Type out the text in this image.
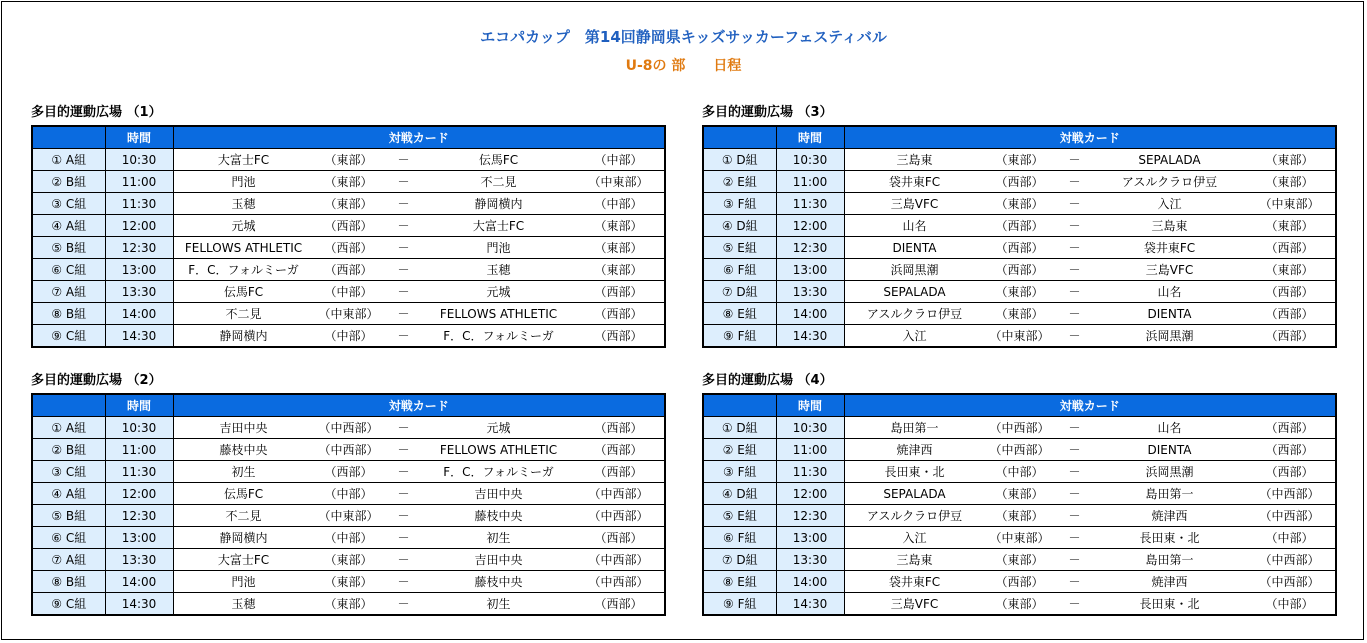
エコパカップ　第14回静岡県キッズサッカーフェスティバル
U-8の 部　　日程
多目的運動広場 （1）
	時間	対戦カード
① A組	10:30	大富士FC （東部） － 伝馬FC （中部）

② B組	11:00	門池 （東部） － 不二見 （中東部）

③ C組	11:30	玉穂 （東部） － 静岡横内 （中部）

④ A組	12:00	元城 （西部） － 大富士FC （東部）

⑤ B組	12:30	FELLOWS ATHLETIC （西部） － 門池 （東部）

⑥ C組	13:00	F．C．フォルミーガ （西部） － 玉穂 （東部）

⑦ A組	13:30	伝馬FC （中部） － 元城 （西部）

⑧ B組	14:00	不二見 （中東部） － FELLOWS ATHLETIC （西部）

⑨ C組	14:30	静岡横内 （中部） － F．C．フォルミーガ （西部）
多目的運動広場 （3）
	時間	対戦カード
① D組	10:30	三島東 （東部） － SEPALADA （東部）

② E組	11:00	袋井東FC （西部） － アスルクラロ伊豆 （東部）

③ F組	11:30	三島VFC （東部） － 入江 （中東部）

④ D組	12:00	山名 （西部） － 三島東 （東部）

⑤ E組	12:30	DIENTA （西部） － 袋井東FC （西部）

⑥ F組	13:00	浜岡黒潮 （西部） － 三島VFC （東部）

⑦ D組	13:30	SEPALADA （東部） － 山名 （西部）

⑧ E組	14:00	アスルクラロ伊豆 （東部） － DIENTA （西部）

⑨ F組	14:30	入江 （中東部） － 浜岡黒潮 （西部）
多目的運動広場 （2）
	時間	対戦カード
① A組	10:30	吉田中央 （中西部） － 元城 （西部）

② B組	11:00	藤枝中央 （中西部） － FELLOWS ATHLETIC （西部）

③ C組	11:30	初生 （西部） － F．C．フォルミーガ （西部）

④ A組	12:00	伝馬FC （中部） － 吉田中央 （中西部）

⑤ B組	12:30	不二見 （中東部） － 藤枝中央 （中西部）

⑥ C組	13:00	静岡横内 （中部） － 初生 （西部）

⑦ A組	13:30	大富士FC （東部） － 吉田中央 （中西部）

⑧ B組	14:00	門池 （東部） － 藤枝中央 （中西部）

⑨ C組	14:30	玉穂 （東部） － 初生 （西部）
多目的運動広場 （4）
	時間	対戦カード
① D組	10:30	島田第一 （中西部） － 山名 （西部）

② E組	11:00	焼津西 （中西部） － DIENTA （西部）

③ F組	11:30	長田東・北 （中部） － 浜岡黒潮 （西部）

④ D組	12:00	SEPALADA （東部） － 島田第一 （中西部）

⑤ E組	12:30	アスルクラロ伊豆 （東部） － 焼津西 （中西部）

⑥ F組	13:00	入江 （中東部） － 長田東・北 （中部）

⑦ D組	13:30	三島東 （東部） － 島田第一 （中西部）

⑧ E組	14:00	袋井東FC （西部） － 焼津西 （中西部）

⑨ F組	14:30	三島VFC （東部） － 長田東・北 （中部）
